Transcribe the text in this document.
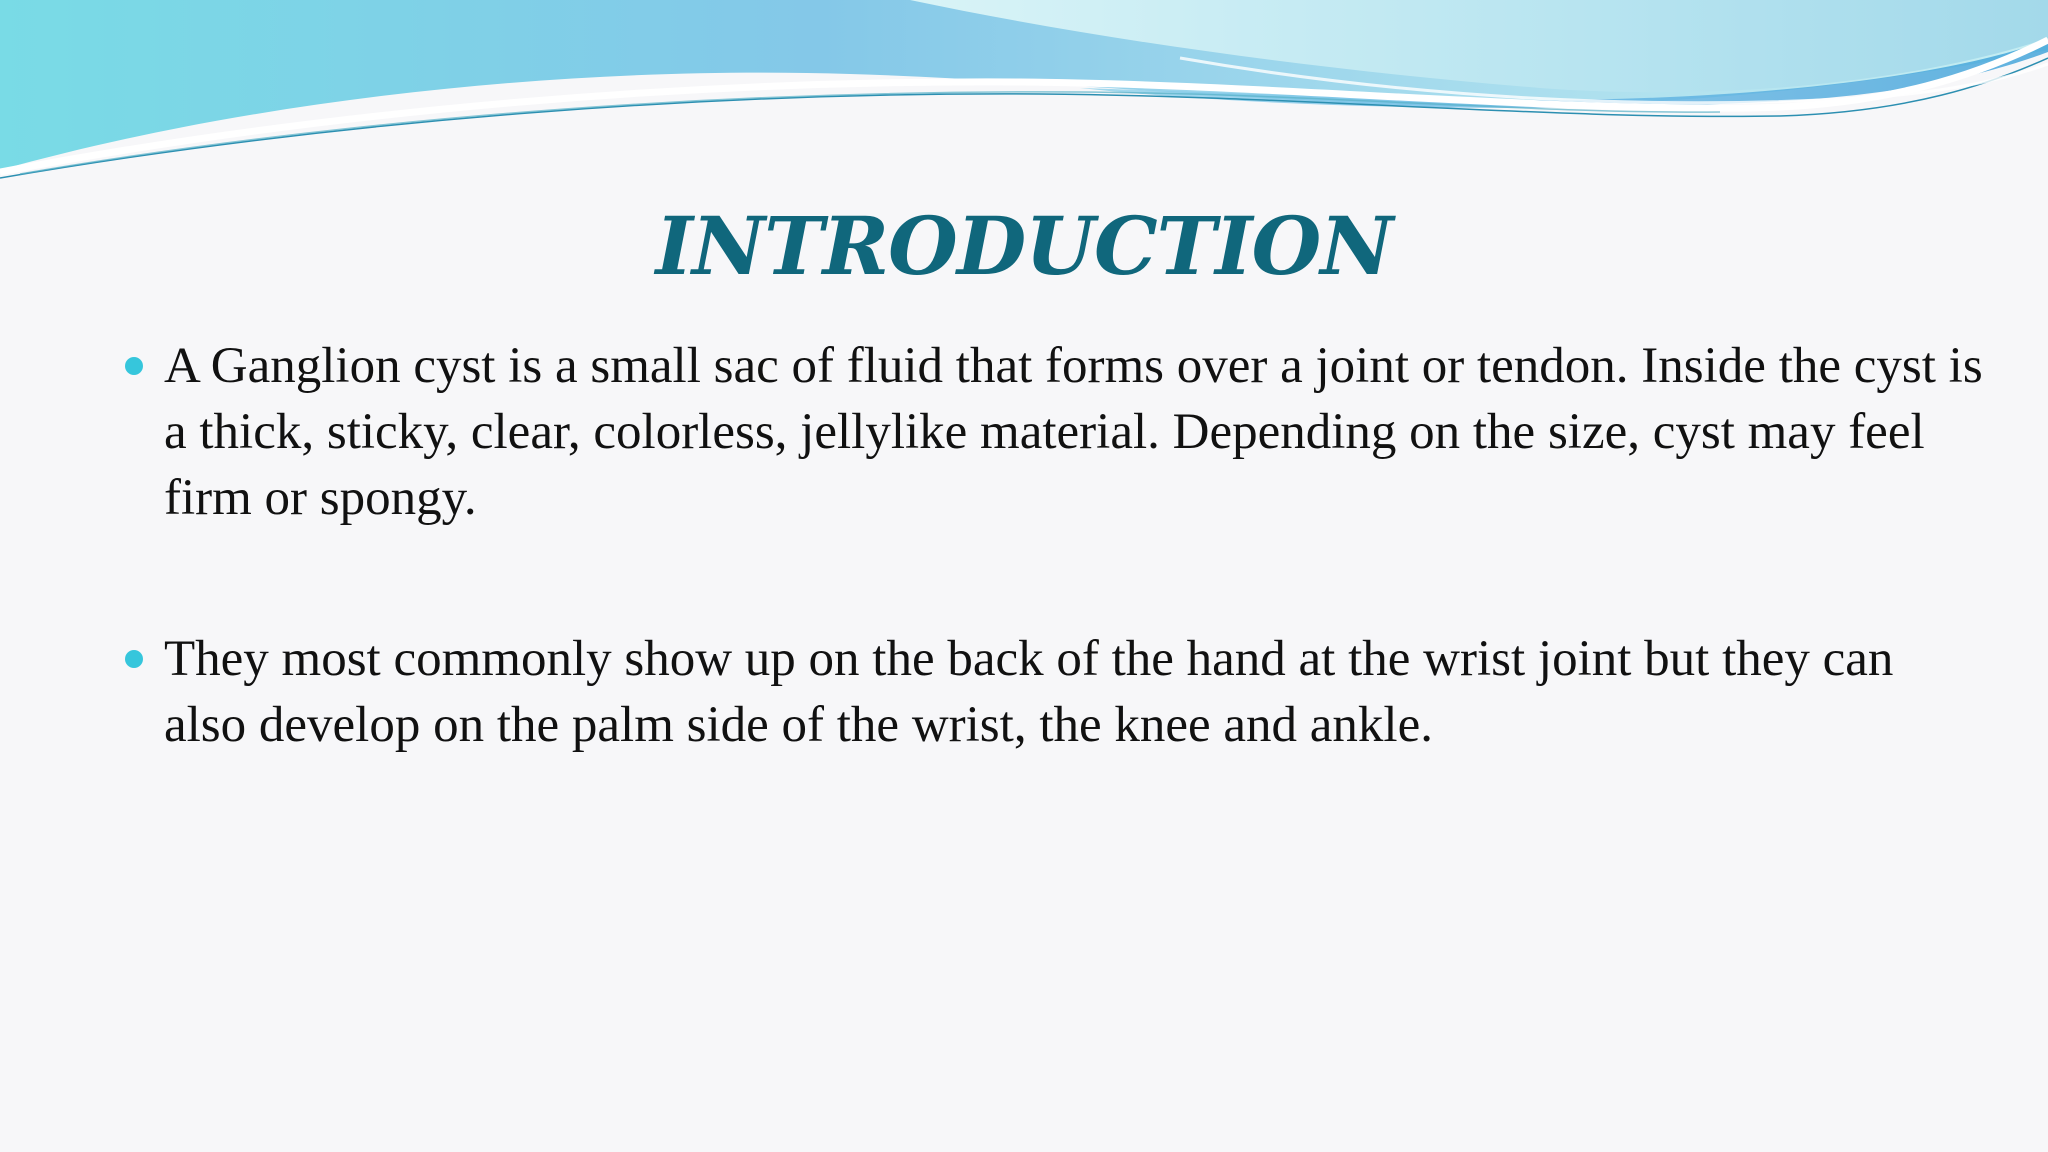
INTRODUCTION
A Ganglion cyst is a small sac of fluid that forms over a joint or tendon. Inside the cyst is a thick, sticky, clear, colorless, jellylike material. Depending on the size, cyst may feel firm or spongy.
They most commonly show up on the back of the hand at the wrist joint but they can also develop on the palm side of the wrist, the knee and ankle.
